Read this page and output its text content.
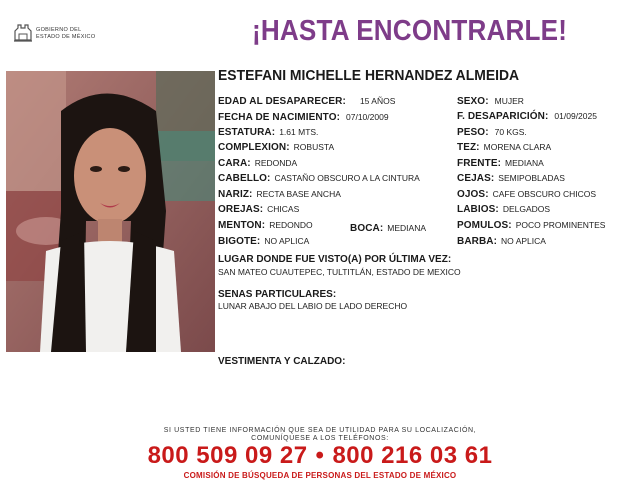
GOBIERNO DEL
ESTADO DE MÉXICO	¡HASTA ENCONTRARLE!
ESTEFANI MICHELLE HERNANDEZ ALMEIDA
EDAD AL DESAPARECER: 15 AÑOS
FECHA DE NACIMIENTO: 07/10/2009
ESTATURA: 1.61 MTS.
COMPLEXION: ROBUSTA
CARA: REDONDA
CABELLO: CASTAÑO OBSCURO A LA CINTURA
NARIZ: RECTA BASE ANCHA
OREJAS: CHICAS
MENTON: REDONDO
BIGOTE: NO APLICA
BOCA: MEDIANA
SEXO: MUJER
F. DESAPARICIÓN: 01/09/2025
PESO: 70 KGS.
TEZ: MORENA CLARA
FRENTE: MEDIANA
CEJAS: SEMIPOBLADAS
OJOS: CAFE OBSCURO CHICOS
LABIOS: DELGADOS
POMULOS: POCO PROMINENTES
BARBA: NO APLICA
LUGAR DONDE FUE VISTO(A) POR ÚLTIMA VEZ:
SAN MATEO CUAUTEPEC, TULTITLÁN, ESTADO DE MEXICO
SENAS PARTICULARES:
LUNAR ABAJO DEL LABIO DE LADO DERECHO
VESTIMENTA Y CALZADO:
SI USTED TIENE INFORMACIÓN QUE SEA DE UTILIDAD PARA SU LOCALIZACIÓN,
COMUNÍQUESE A LOS TELÉFONOS:
800 509 09 27 • 800 216 03 61
COMISIÓN DE BÚSQUEDA DE PERSONAS DEL ESTADO DE MÉXICO
